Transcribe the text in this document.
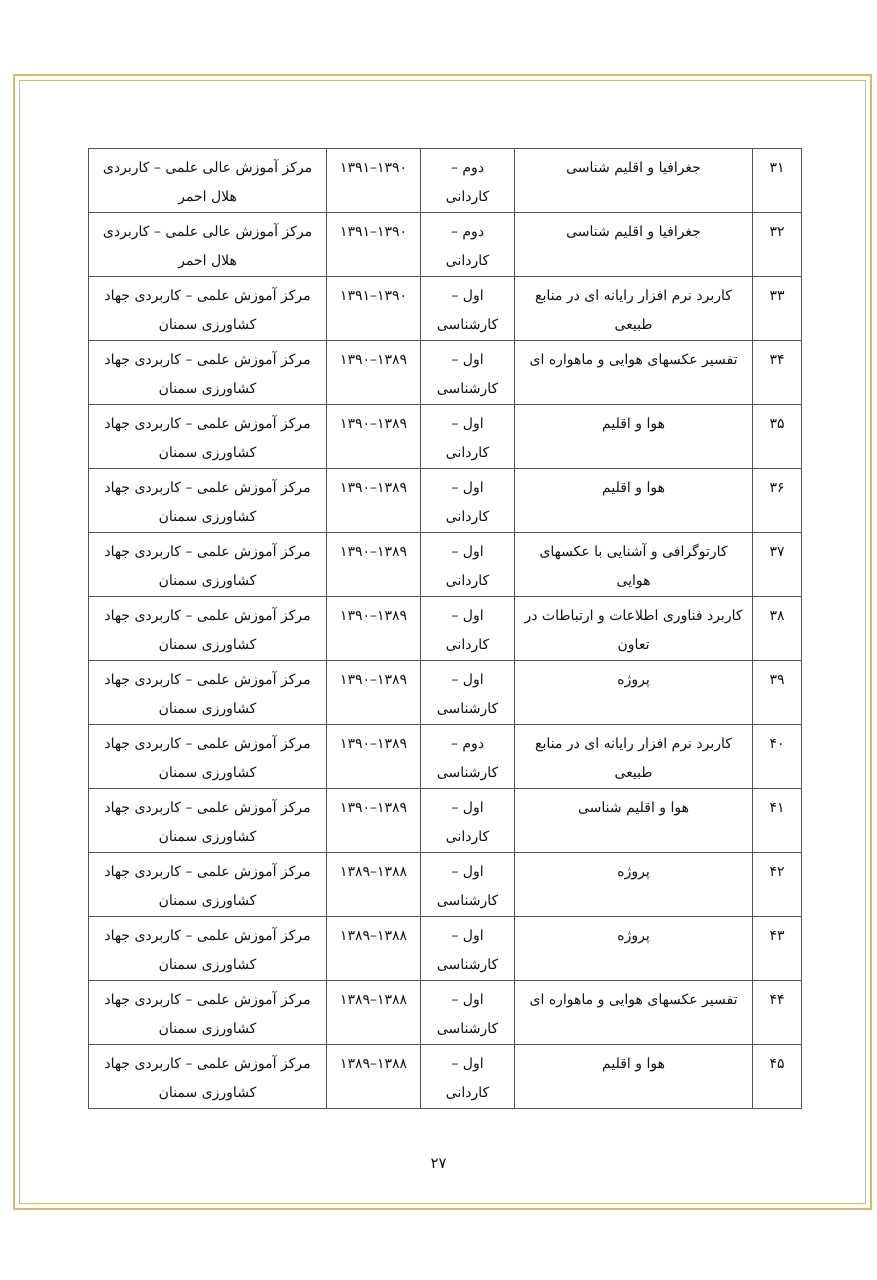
۳۱	جغرافیا و اقلیم شناسی	دوم – کاردانی	۱۳۹۰–۱۳۹۱	مرکز آموزش عالی علمی – کاربردی هلال احمر
۳۲	جغرافیا و اقلیم شناسی	دوم – کاردانی	۱۳۹۰–۱۳۹۱	مرکز آموزش عالی علمی – کاربردی هلال احمر
۳۳	کاربرد نرم افزار رایانه ای در منابع طبیعی	اول – کارشناسی	۱۳۹۰–۱۳۹۱	مرکز آموزش علمی – کاربردی جهاد کشاورزی سمنان
۳۴	تفسیر عکسهای هوایی و ماهواره ای	اول – کارشناسی	۱۳۸۹–۱۳۹۰	مرکز آموزش علمی – کاربردی جهاد کشاورزی سمنان
۳۵	هوا و اقلیم	اول – کاردانی	۱۳۸۹–۱۳۹۰	مرکز آموزش علمی – کاربردی جهاد کشاورزی سمنان
۳۶	هوا و اقلیم	اول – کاردانی	۱۳۸۹–۱۳۹۰	مرکز آموزش علمی – کاربردی جهاد کشاورزی سمنان
۳۷	کارتوگرافی و آشنایی با عکسهای هوایی	اول – کاردانی	۱۳۸۹–۱۳۹۰	مرکز آموزش علمی – کاربردی جهاد کشاورزی سمنان
۳۸	کاربرد فناوری اطلاعات و ارتباطات در تعاون	اول – کاردانی	۱۳۸۹–۱۳۹۰	مرکز آموزش علمی – کاربردی جهاد کشاورزی سمنان
۳۹	پروژه	اول – کارشناسی	۱۳۸۹–۱۳۹۰	مرکز آموزش علمی – کاربردی جهاد کشاورزی سمنان
۴۰	کاربرد نرم افزار رایانه ای در منابع طبیعی	دوم – کارشناسی	۱۳۸۹–۱۳۹۰	مرکز آموزش علمی – کاربردی جهاد کشاورزی سمنان
۴۱	هوا و اقلیم شناسی	اول – کاردانی	۱۳۸۹–۱۳۹۰	مرکز آموزش علمی – کاربردی جهاد کشاورزی سمنان
۴۲	پروژه	اول – کارشناسی	۱۳۸۸–۱۳۸۹	مرکز آموزش علمی – کاربردی جهاد کشاورزی سمنان
۴۳	پروژه	اول – کارشناسی	۱۳۸۸–۱۳۸۹	مرکز آموزش علمی – کاربردی جهاد کشاورزی سمنان
۴۴	تفسیر عکسهای هوایی و ماهواره ای	اول – کارشناسی	۱۳۸۸–۱۳۸۹	مرکز آموزش علمی – کاربردی جهاد کشاورزی سمنان
۴۵	هوا و اقلیم	اول – کاردانی	۱۳۸۸–۱۳۸۹	مرکز آموزش علمی – کاربردی جهاد کشاورزی سمنان
۲۷
